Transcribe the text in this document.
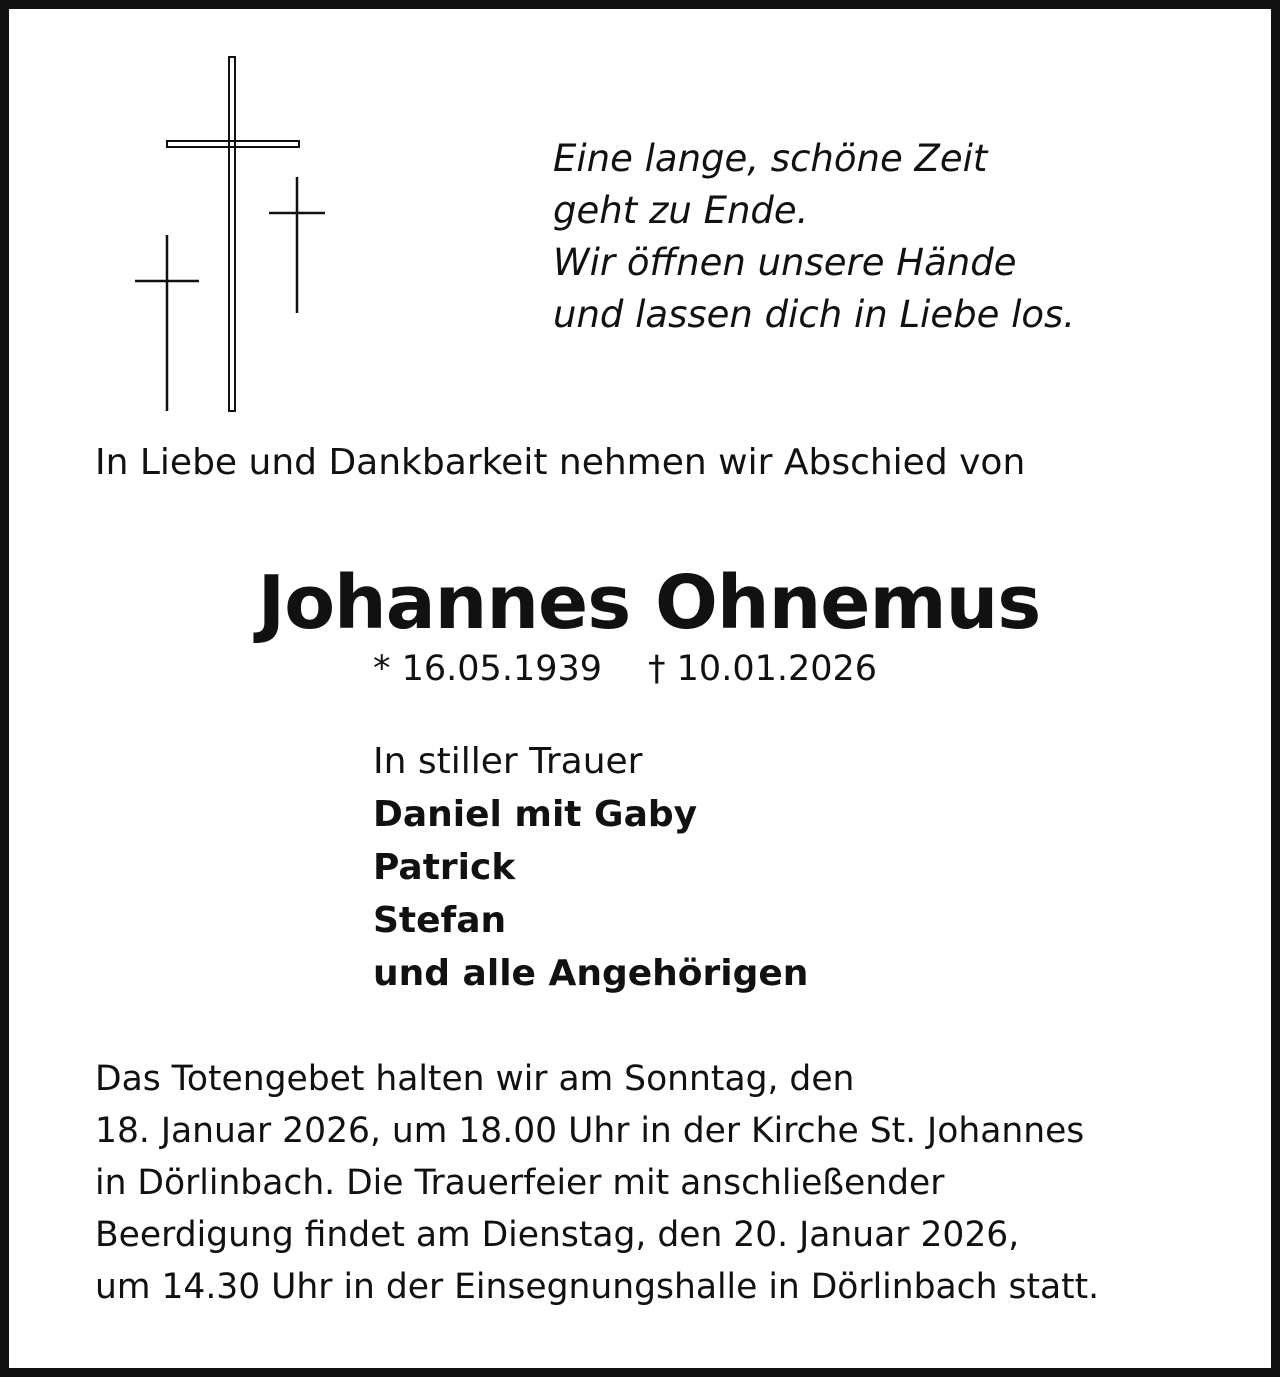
Eine lange, schöne Zeit
geht zu Ende.
Wir öffnen unsere Hände
und lassen dich in Liebe los.
In Liebe und Dankbarkeit nehmen wir Abschied von
Johannes Ohnemus
* 16.05.1939 † 10.01.2026
In stiller Trauer
Daniel mit Gaby
Patrick
Stefan
und alle Angehörigen
Das Totengebet halten wir am Sonntag, den
18. Januar 2026, um 18.00 Uhr in der Kirche St. Johannes
in Dörlinbach. Die Trauerfeier mit anschließender
Beerdigung findet am Dienstag, den 20. Januar 2026,
um 14.30 Uhr in der Einsegnungshalle in Dörlinbach statt.
